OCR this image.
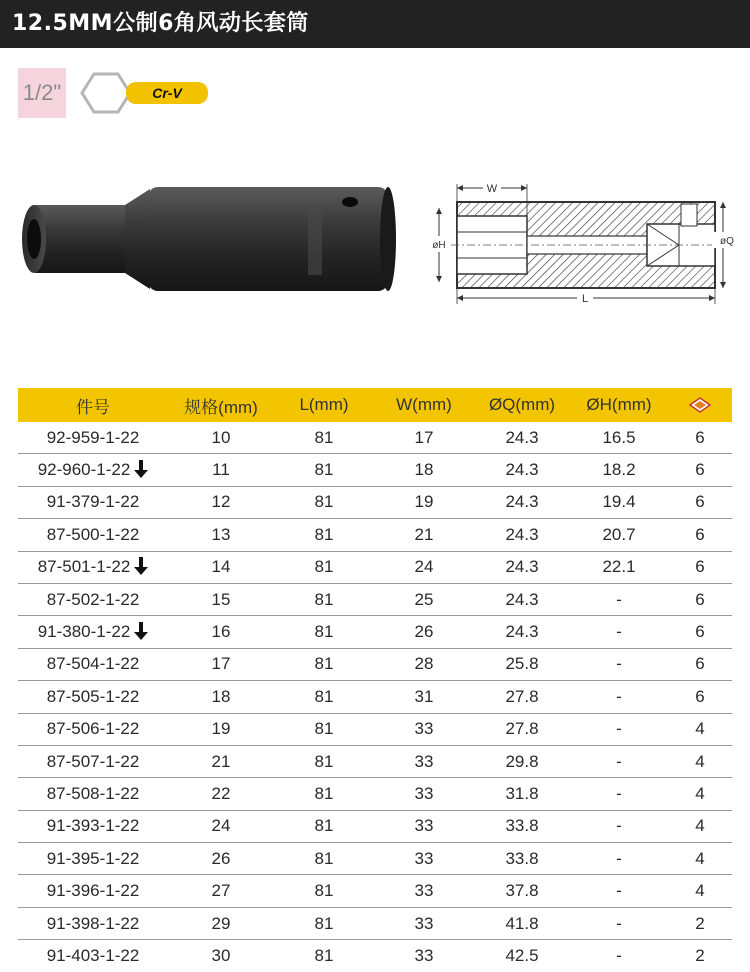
12.5MM公制6角风动长套筒
1/2"	Cr-V
W
øH	øQ
L
件号	规格(mm)	L(mm)	W(mm)	ØQ(mm)	ØH(mm)	
92-959-1-22	10	81	17	24.3	16.5	6
92-960-1-22	11	81	18	24.3	18.2	6
91-379-1-22	12	81	19	24.3	19.4	6
87-500-1-22	13	81	21	24.3	20.7	6
87-501-1-22	14	81	24	24.3	22.1	6
87-502-1-22	15	81	25	24.3	-	6
91-380-1-22	16	81	26	24.3	-	6
87-504-1-22	17	81	28	25.8	-	6
87-505-1-22	18	81	31	27.8	-	6
87-506-1-22	19	81	33	27.8	-	4
87-507-1-22	21	81	33	29.8	-	4
87-508-1-22	22	81	33	31.8	-	4
91-393-1-22	24	81	33	33.8	-	4
91-395-1-22	26	81	33	33.8	-	4
91-396-1-22	27	81	33	37.8	-	4
91-398-1-22	29	81	33	41.8	-	2
91-403-1-22	30	81	33	42.5	-	2
